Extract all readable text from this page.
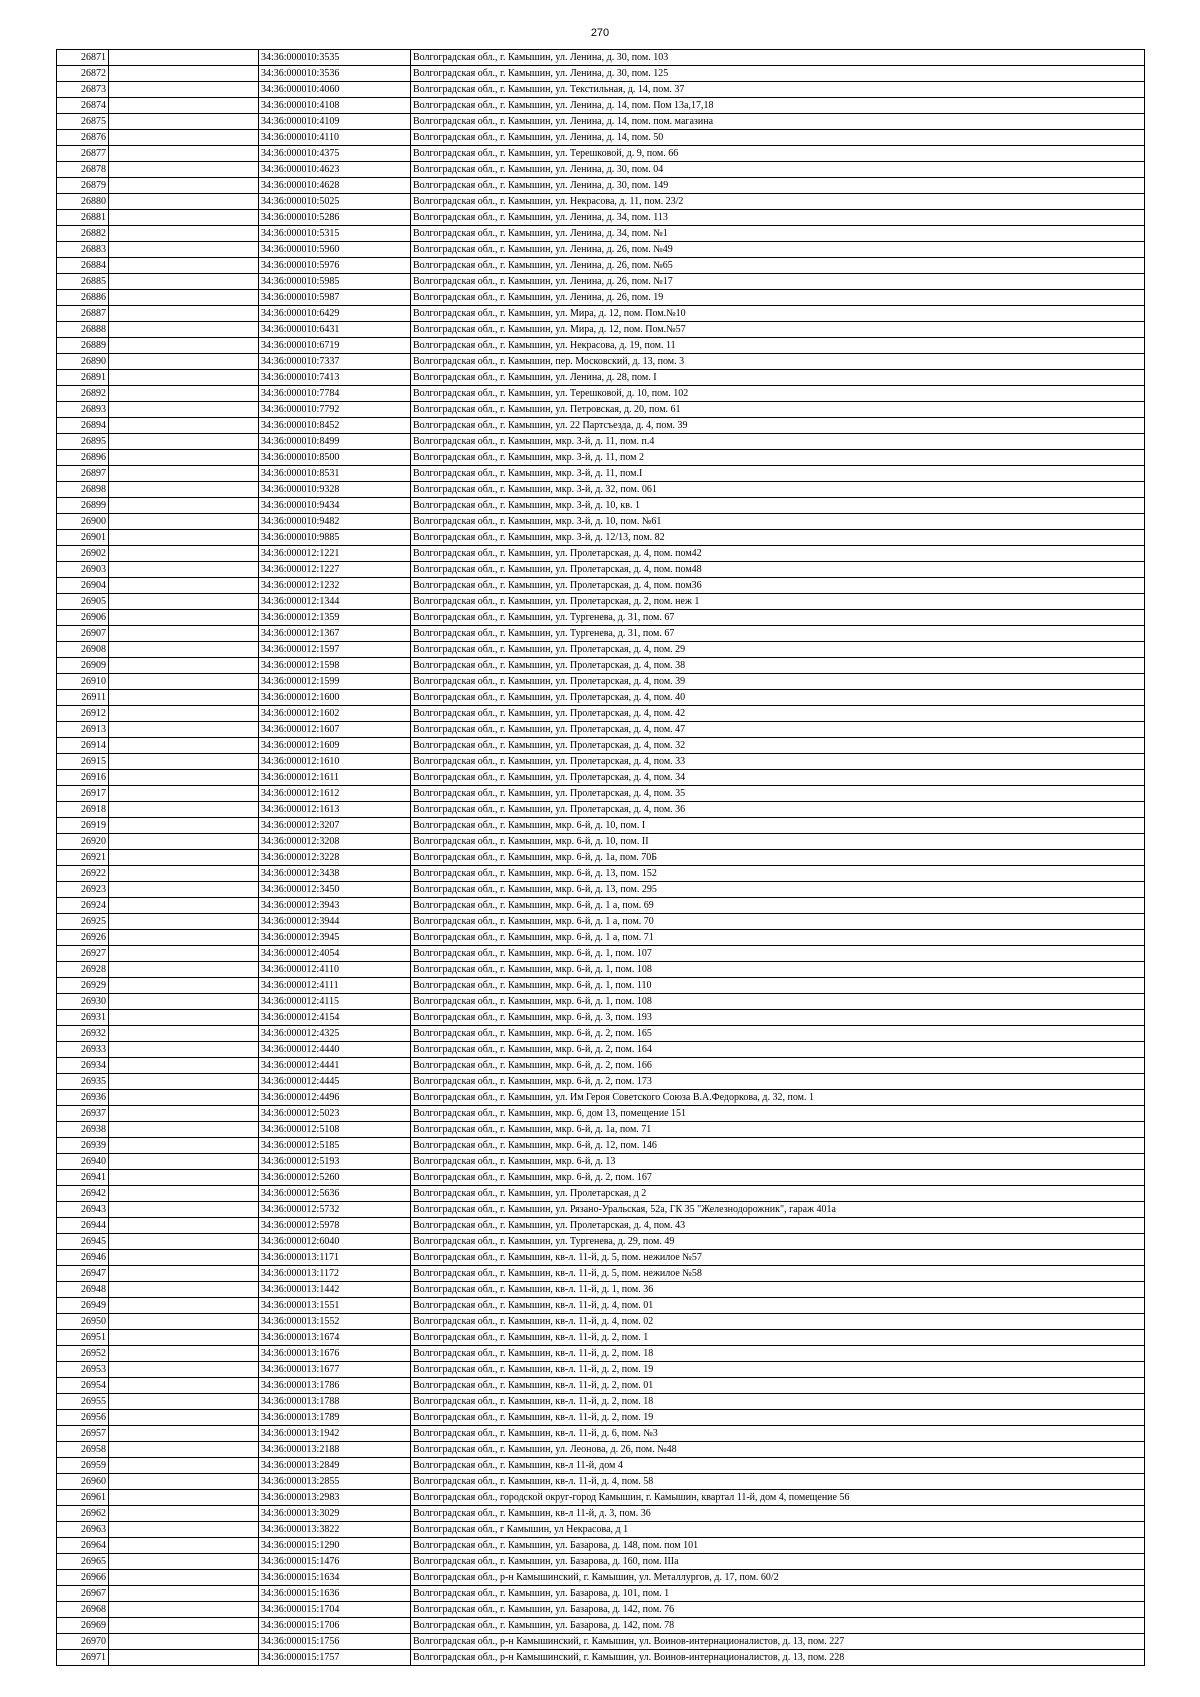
270
26871		34:36:000010:3535	Волгоградская обл., г. Камышин, ул. Ленина, д. 30, пом. 103
26872		34:36:000010:3536	Волгоградская обл., г. Камышин, ул. Ленина, д. 30, пом. 125
26873		34:36:000010:4060	Волгоградская обл., г. Камышин, ул. Текстильная, д. 14, пом. 37
26874		34:36:000010:4108	Волгоградская обл., г. Камышин, ул. Ленина, д. 14, пом. Пом 13а,17,18
26875		34:36:000010:4109	Волгоградская обл., г. Камышин, ул. Ленина, д. 14, пом. пом. магазина
26876		34:36:000010:4110	Волгоградская обл., г. Камышин, ул. Ленина, д. 14, пом. 50
26877		34:36:000010:4375	Волгоградская обл., г. Камышин, ул. Терешковой, д. 9, пом. 66
26878		34:36:000010:4623	Волгоградская обл., г. Камышин, ул. Ленина, д. 30, пом. 04
26879		34:36:000010:4628	Волгоградская обл., г. Камышин, ул. Ленина, д. 30, пом. 149
26880		34:36:000010:5025	Волгоградская обл., г. Камышин, ул. Некрасова, д. 11, пом. 23/2
26881		34:36:000010:5286	Волгоградская обл., г. Камышин, ул. Ленина, д. 34, пом. 113
26882		34:36:000010:5315	Волгоградская обл., г. Камышин, ул. Ленина, д. 34, пом. №1
26883		34:36:000010:5960	Волгоградская обл., г. Камышин, ул. Ленина, д. 26, пом. №49
26884		34:36:000010:5976	Волгоградская обл., г. Камышин, ул. Ленина, д. 26, пом. №65
26885		34:36:000010:5985	Волгоградская обл., г. Камышин, ул. Ленина, д. 26, пом. №17
26886		34:36:000010:5987	Волгоградская обл., г. Камышин, ул. Ленина, д. 26, пом. 19
26887		34:36:000010:6429	Волгоградская обл., г. Камышин, ул. Мира, д. 12, пом. Пом.№10
26888		34:36:000010:6431	Волгоградская обл., г. Камышин, ул. Мира, д. 12, пом. Пом.№57
26889		34:36:000010:6719	Волгоградская обл., г. Камышин, ул. Некрасова, д. 19, пом. 11
26890		34:36:000010:7337	Волгоградская обл., г. Камышин, пер. Московский, д. 13, пом. 3
26891		34:36:000010:7413	Волгоградская обл., г. Камышин, ул. Ленина, д. 28, пом. I
26892		34:36:000010:7784	Волгоградская обл., г. Камышин, ул. Терешковой, д. 10, пом. 102
26893		34:36:000010:7792	Волгоградская обл., г. Камышин, ул. Петровская, д. 20, пом. 61
26894		34:36:000010:8452	Волгоградская обл., г. Камышин, ул. 22 Партсъезда, д. 4, пом. 39
26895		34:36:000010:8499	Волгоградская обл., г. Камышин, мкр. 3-й, д. 11, пом. п.4
26896		34:36:000010:8500	Волгоградская обл., г. Камышин, мкр. 3-й, д. 11, пом 2
26897		34:36:000010:8531	Волгоградская обл., г. Камышин, мкр. 3-й, д. 11, пом.I
26898		34:36:000010:9328	Волгоградская обл., г. Камышин, мкр. 3-й, д. 32, пом. 061
26899		34:36:000010:9434	Волгоградская обл., г. Камышин, мкр. 3-й, д. 10, кв. 1
26900		34:36:000010:9482	Волгоградская обл., г. Камышин, мкр. 3-й, д. 10, пом. №61
26901		34:36:000010:9885	Волгоградская обл., г. Камышин, мкр. 3-й, д. 12/13, пом. 82
26902		34:36:000012:1221	Волгоградская обл., г. Камышин, ул. Пролетарская, д. 4, пом. пом42
26903		34:36:000012:1227	Волгоградская обл., г. Камышин, ул. Пролетарская, д. 4, пом. пом48
26904		34:36:000012:1232	Волгоградская обл., г. Камышин, ул. Пролетарская, д. 4, пом. пом36
26905		34:36:000012:1344	Волгоградская обл., г. Камышин, ул. Пролетарская, д. 2, пом. неж 1
26906		34:36:000012:1359	Волгоградская обл., г. Камышин, ул. Тургенева, д. 31, пом. 67
26907		34:36:000012:1367	Волгоградская обл., г. Камышин, ул. Тургенева, д. 31, пом. 67
26908		34:36:000012:1597	Волгоградская обл., г. Камышин, ул. Пролетарская, д. 4, пом. 29
26909		34:36:000012:1598	Волгоградская обл., г. Камышин, ул. Пролетарская, д. 4, пом. 38
26910		34:36:000012:1599	Волгоградская обл., г. Камышин, ул. Пролетарская, д. 4, пом. 39
26911		34:36:000012:1600	Волгоградская обл., г. Камышин, ул. Пролетарская, д. 4, пом. 40
26912		34:36:000012:1602	Волгоградская обл., г. Камышин, ул. Пролетарская, д. 4, пом. 42
26913		34:36:000012:1607	Волгоградская обл., г. Камышин, ул. Пролетарская, д. 4, пом. 47
26914		34:36:000012:1609	Волгоградская обл., г. Камышин, ул. Пролетарская, д. 4, пом. 32
26915		34:36:000012:1610	Волгоградская обл., г. Камышин, ул. Пролетарская, д. 4, пом. 33
26916		34:36:000012:1611	Волгоградская обл., г. Камышин, ул. Пролетарская, д. 4, пом. 34
26917		34:36:000012:1612	Волгоградская обл., г. Камышин, ул. Пролетарская, д. 4, пом. 35
26918		34:36:000012:1613	Волгоградская обл., г. Камышин, ул. Пролетарская, д. 4, пом. 36
26919		34:36:000012:3207	Волгоградская обл., г. Камышин, мкр. 6-й, д. 10, пом. I
26920		34:36:000012:3208	Волгоградская обл., г. Камышин, мкр. 6-й, д. 10, пом. II
26921		34:36:000012:3228	Волгоградская обл., г. Камышин, мкр. 6-й, д. 1а, пом. 70Б
26922		34:36:000012:3438	Волгоградская обл., г. Камышин, мкр. 6-й, д. 13, пом. 152
26923		34:36:000012:3450	Волгоградская обл., г. Камышин, мкр. 6-й, д. 13, пом. 295
26924		34:36:000012:3943	Волгоградская обл., г. Камышин, мкр. 6-й, д. 1 а, пом. 69
26925		34:36:000012:3944	Волгоградская обл., г. Камышин, мкр. 6-й, д. 1 а, пом. 70
26926		34:36:000012:3945	Волгоградская обл., г. Камышин, мкр. 6-й, д. 1 а, пом. 71
26927		34:36:000012:4054	Волгоградская обл., г. Камышин, мкр. 6-й, д. 1, пом. 107
26928		34:36:000012:4110	Волгоградская обл., г. Камышин, мкр. 6-й, д. 1, пом. 108
26929		34:36:000012:4111	Волгоградская обл., г. Камышин, мкр. 6-й, д. 1, пом. 110
26930		34:36:000012:4115	Волгоградская обл., г. Камышин, мкр. 6-й, д. 1, пом. 108
26931		34:36:000012:4154	Волгоградская обл., г. Камышин, мкр. 6-й, д. 3, пом. 193
26932		34:36:000012:4325	Волгоградская обл., г. Камышин, мкр. 6-й, д. 2, пом. 165
26933		34:36:000012:4440	Волгоградская обл., г. Камышин, мкр. 6-й, д. 2, пом. 164
26934		34:36:000012:4441	Волгоградская обл., г. Камышин, мкр. 6-й, д. 2, пом. 166
26935		34:36:000012:4445	Волгоградская обл., г. Камышин, мкр. 6-й, д. 2, пом. 173
26936		34:36:000012:4496	Волгоградская обл., г. Камышин, ул. Им Героя Советского Союза В.А.Федоркова, д. 32, пом. 1
26937		34:36:000012:5023	Волгоградская обл., г. Камышин, мкр. 6, дом 13, помещение 151
26938		34:36:000012:5108	Волгоградская обл., г. Камышин, мкр. 6-й, д. 1а, пом. 71
26939		34:36:000012:5185	Волгоградская обл., г. Камышин, мкр. 6-й, д. 12, пом. 146
26940		34:36:000012:5193	Волгоградская обл., г. Камышин, мкр. 6-й, д. 13
26941		34:36:000012:5260	Волгоградская обл., г. Камышин, мкр. 6-й, д. 2, пом. 167
26942		34:36:000012:5636	Волгоградская обл., г. Камышин, ул. Пролетарская, д 2
26943		34:36:000012:5732	Волгоградская обл., г. Камышин, ул. Рязано-Уральская, 52а, ГК 35 "Железнодорожник", гараж 401а
26944		34:36:000012:5978	Волгоградская обл., г. Камышин, ул. Пролетарская, д. 4, пом. 43
26945		34:36:000012:6040	Волгоградская обл., г. Камышин, ул. Тургенева, д. 29, пом. 49
26946		34:36:000013:1171	Волгоградская обл., г. Камышин, кв-л. 11-й, д. 5, пом. нежилое №57
26947		34:36:000013:1172	Волгоградская обл., г. Камышин, кв-л. 11-й, д. 5, пом. нежилое №58
26948		34:36:000013:1442	Волгоградская обл., г. Камышин, кв-л. 11-й, д. 1, пом. 36
26949		34:36:000013:1551	Волгоградская обл., г. Камышин, кв-л. 11-й, д. 4, пом. 01
26950		34:36:000013:1552	Волгоградская обл., г. Камышин, кв-л. 11-й, д. 4, пом. 02
26951		34:36:000013:1674	Волгоградская обл., г. Камышин, кв-л. 11-й, д. 2, пом. 1
26952		34:36:000013:1676	Волгоградская обл., г. Камышин, кв-л. 11-й, д. 2, пом. 18
26953		34:36:000013:1677	Волгоградская обл., г. Камышин, кв-л. 11-й, д. 2, пом. 19
26954		34:36:000013:1786	Волгоградская обл., г. Камышин, кв-л. 11-й, д. 2, пом. 01
26955		34:36:000013:1788	Волгоградская обл., г. Камышин, кв-л. 11-й, д. 2, пом. 18
26956		34:36:000013:1789	Волгоградская обл., г. Камышин, кв-л. 11-й, д. 2, пом. 19
26957		34:36:000013:1942	Волгоградская обл., г. Камышин, кв-л. 11-й, д. 6, пом. №3
26958		34:36:000013:2188	Волгоградская обл., г. Камышин, ул. Леонова, д. 26, пом. №48
26959		34:36:000013:2849	Волгоградская обл., г. Камышин, кв-л 11-й, дом 4
26960		34:36:000013:2855	Волгоградская обл., г. Камышин, кв-л. 11-й, д. 4, пом. 58
26961		34:36:000013:2983	Волгоградская обл., городской округ-город Камышин, г. Камышин, квартал 11-й, дом 4, помещение 56
26962		34:36:000013:3029	Волгоградская обл., г. Камышин, кв-л 11-й, д. 3, пом. 36
26963		34:36:000013:3822	Волгоградская обл., г Камышин, ул Некрасова, д 1
26964		34:36:000015:1290	Волгоградская обл., г. Камышин, ул. Базарова, д. 148, пом. пом 101
26965		34:36:000015:1476	Волгоградская обл., г. Камышин, ул. Базарова, д. 160, пом. IIIа
26966		34:36:000015:1634	Волгоградская обл., р-н Камышинский, г. Камышин, ул. Металлургов, д. 17, пом. 60/2
26967		34:36:000015:1636	Волгоградская обл., г. Камышин, ул. Базарова, д. 101, пом. 1
26968		34:36:000015:1704	Волгоградская обл., г. Камышин, ул. Базарова, д. 142, пом. 76
26969		34:36:000015:1706	Волгоградская обл., г. Камышин, ул. Базарова, д. 142, пом. 78
26970		34:36:000015:1756	Волгоградская обл., р-н Камышинский, г. Камышин, ул. Воинов-интернационалистов, д. 13, пом. 227
26971		34:36:000015:1757	Волгоградская обл., р-н Камышинский, г. Камышин, ул. Воинов-интернационалистов, д. 13, пом. 228
